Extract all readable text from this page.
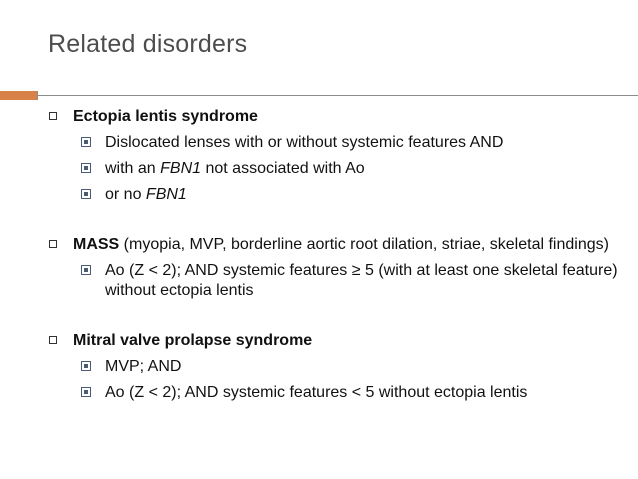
Related disorders
Ectopia lentis syndrome
Dislocated lenses with or without systemic features AND
with an FBN1 not associated with Ao
or no FBN1
MASS (myopia, MVP, borderline aortic root dilation, striae, skeletal findings)
Ao (Z < 2); AND systemic features ≥ 5 (with at least one skeletal feature) without ectopia lentis
Mitral valve prolapse syndrome
MVP; AND
Ao (Z < 2); AND systemic features < 5 without ectopia lentis
